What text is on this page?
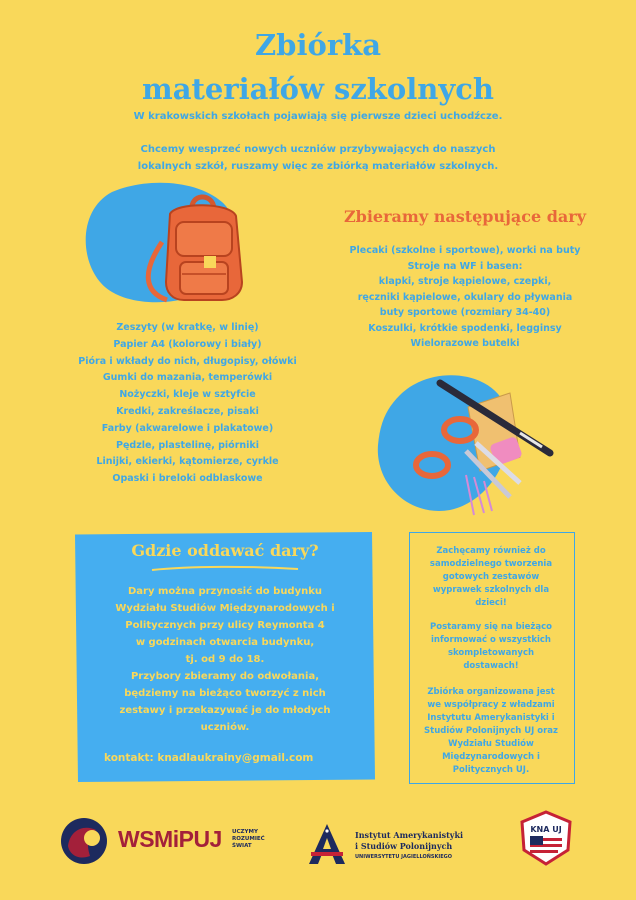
Zbiórka
materiałów szkolnych
W krakowskich szkołach pojawiają się pierwsze dzieci uchodźcze.
Chcemy wesprzeć nowych uczniów przybywających do naszych
lokalnych szkół, ruszamy więc ze zbiórką materiałów szkolnych.
Zbieramy następujące dary
Plecaki (szkolne i sportowe), worki na buty
Stroje na WF i basen:
klapki, stroje kąpielowe, czepki,
ręczniki kąpielowe, okulary do pływania
buty sportowe (rozmiary 34-40)
Koszulki, krótkie spodenki, legginsy
Wielorazowe butelki
Zeszyty (w kratkę, w linię)
Papier A4 (kolorowy i biały)
Pióra i wkłady do nich, długopisy, ołówki
Gumki do mazania, temperówki
Nożyczki, kleje w sztyfcie
Kredki, zakreślacze, pisaki
Farby (akwarelowe i plakatowe)
Pędzle, plastelinę, piórniki
Linijki, ekierki, kątomierze, cyrkle
Opaski i breloki odblaskowe
Gdzie oddawać dary?
Dary można przynosić do budynku
Wydziału Studiów Międzynarodowych i
Politycznych przy ulicy Reymonta 4
w godzinach otwarcia budynku,
tj. od 9 do 18.
Przybory zbieramy do odwołania,
będziemy na bieżąco tworzyć z nich
zestawy i przekazywać je do młodych
uczniów.
kontakt: knadlaukrainy@gmail.com
Zachęcamy również do
samodzielnego tworzenia
gotowych zestawów
wyprawek szkolnych dla
dzieci!
Postaramy się na bieżąco
informować o wszystkich
skompletowanych
dostawach!
Zbiórka organizowana jest
we współpracy z władzami
Instytutu Amerykanistyki i
Studiów Polonijnych UJ oraz
Wydziału Studiów
Międzynarodowych i
Politycznych UJ.
WSMiPUJ UCZYMY
ROZUMIEĆ
ŚWIAT
Instytut Amerykanistyki
i Studiów Polonijnych
UNIWERSYTETU JAGIELLOŃSKIEGO
KNA UJ
